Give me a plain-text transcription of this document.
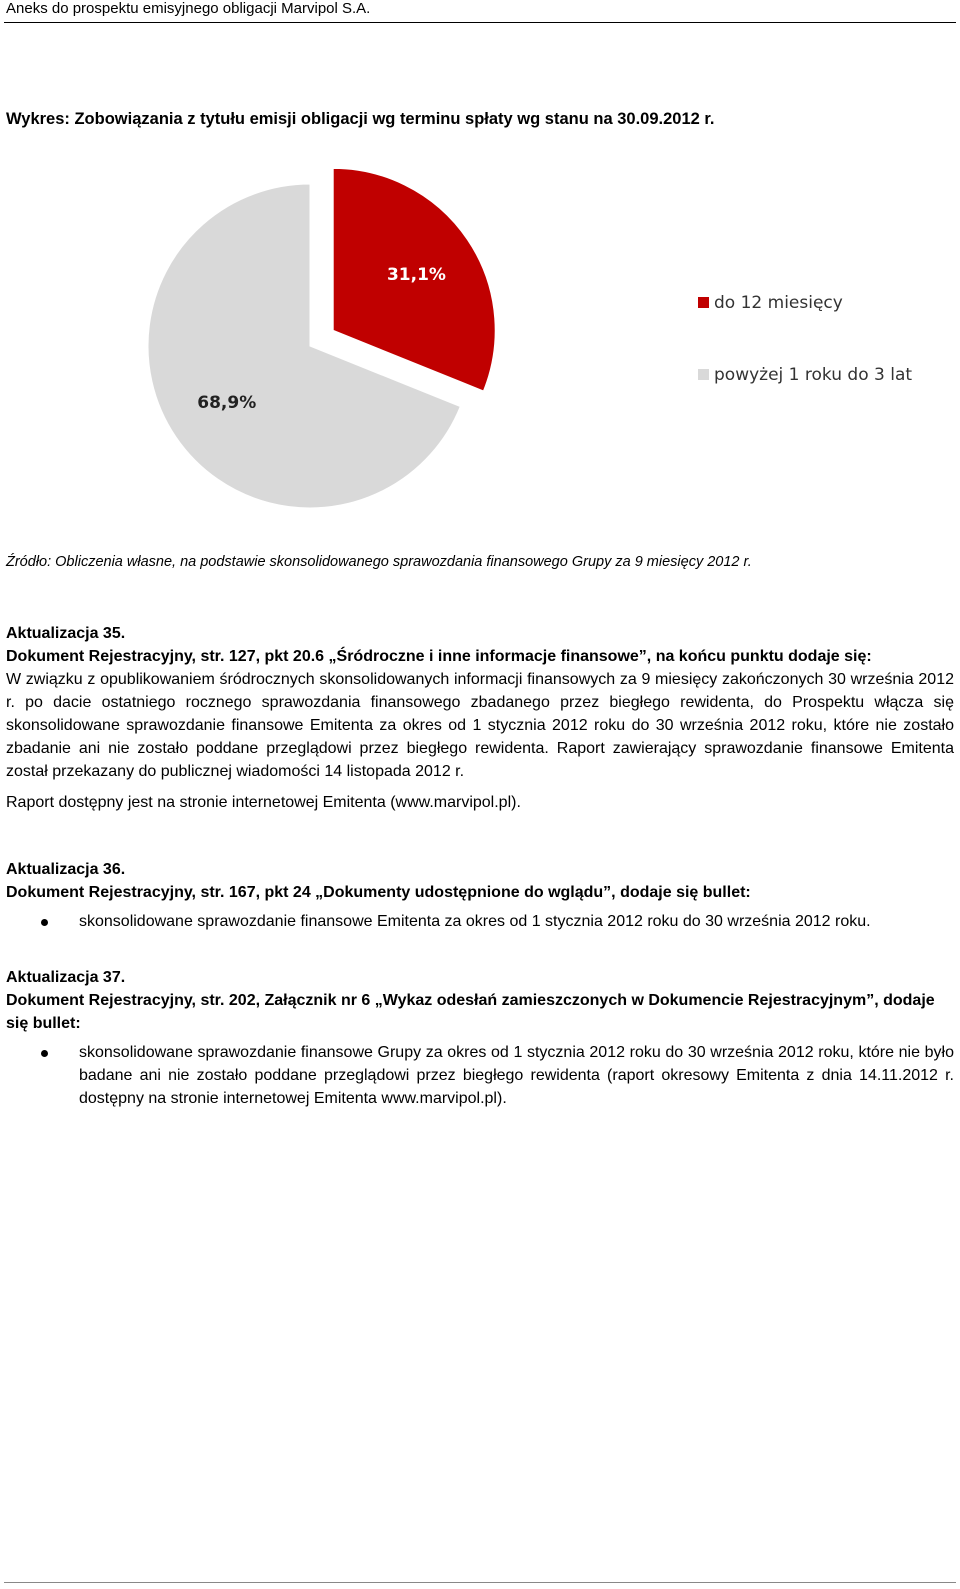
Aneks do prospektu emisyjnego obligacji Marvipol S.A.
Wykres: Zobowiązania z tytułu emisji obligacji wg terminu spłaty wg stanu na 30.09.2012 r.
31,1%
68,9%
do 12 miesięcy
powyżej 1 roku do 3 lat
Źródło: Obliczenia własne, na podstawie skonsolidowanego sprawozdania finansowego Grupy za 9 miesięcy 2012 r.

Aktualizacja 35.

Dokument Rejestracyjny, str. 127, pkt 20.6 „Śródroczne i inne informacje finansowe”, na końcu punktu dodaje się:

W związku z opublikowaniem śródrocznych skonsolidowanych informacji finansowych za 9 miesięcy zakończonych 30 września 2012 r. po dacie ostatniego rocznego sprawozdania finansowego zbadanego przez biegłego rewidenta, do Prospektu włącza się skonsolidowane sprawozdanie finansowe Emitenta za okres od 1 stycznia 2012 roku do 30 września 2012 roku, które nie zostało zbadanie ani nie zostało poddane przeglądowi przez biegłego rewidenta. Raport zawierający sprawozdanie finansowe Emitenta został przekazany do publicznej wiadomości 14 listopada 2012 r.

Raport dostępny jest na stronie internetowej Emitenta (www.marvipol.pl).

Aktualizacja 36.

Dokument Rejestracyjny, str. 167, pkt 24 „Dokumenty udostępnione do wglądu”, dodaje się bullet:

skonsolidowane sprawozdanie finansowe Emitenta za okres od 1 stycznia 2012 roku do 30 września 2012 roku.

Aktualizacja 37.

Dokument Rejestracyjny, str. 202, Załącznik nr 6 „Wykaz odesłań zamieszczonych w Dokumencie Rejestracyjnym”, dodaje się bullet:

skonsolidowane sprawozdanie finansowe Grupy za okres od 1 stycznia 2012 roku do 30 września 2012 roku, które nie było badane ani nie zostało poddane przeglądowi przez biegłego rewidenta (raport okresowy Emitenta z dnia 14.11.2012 r. dostępny na stronie internetowej Emitenta www.marvipol.pl).
